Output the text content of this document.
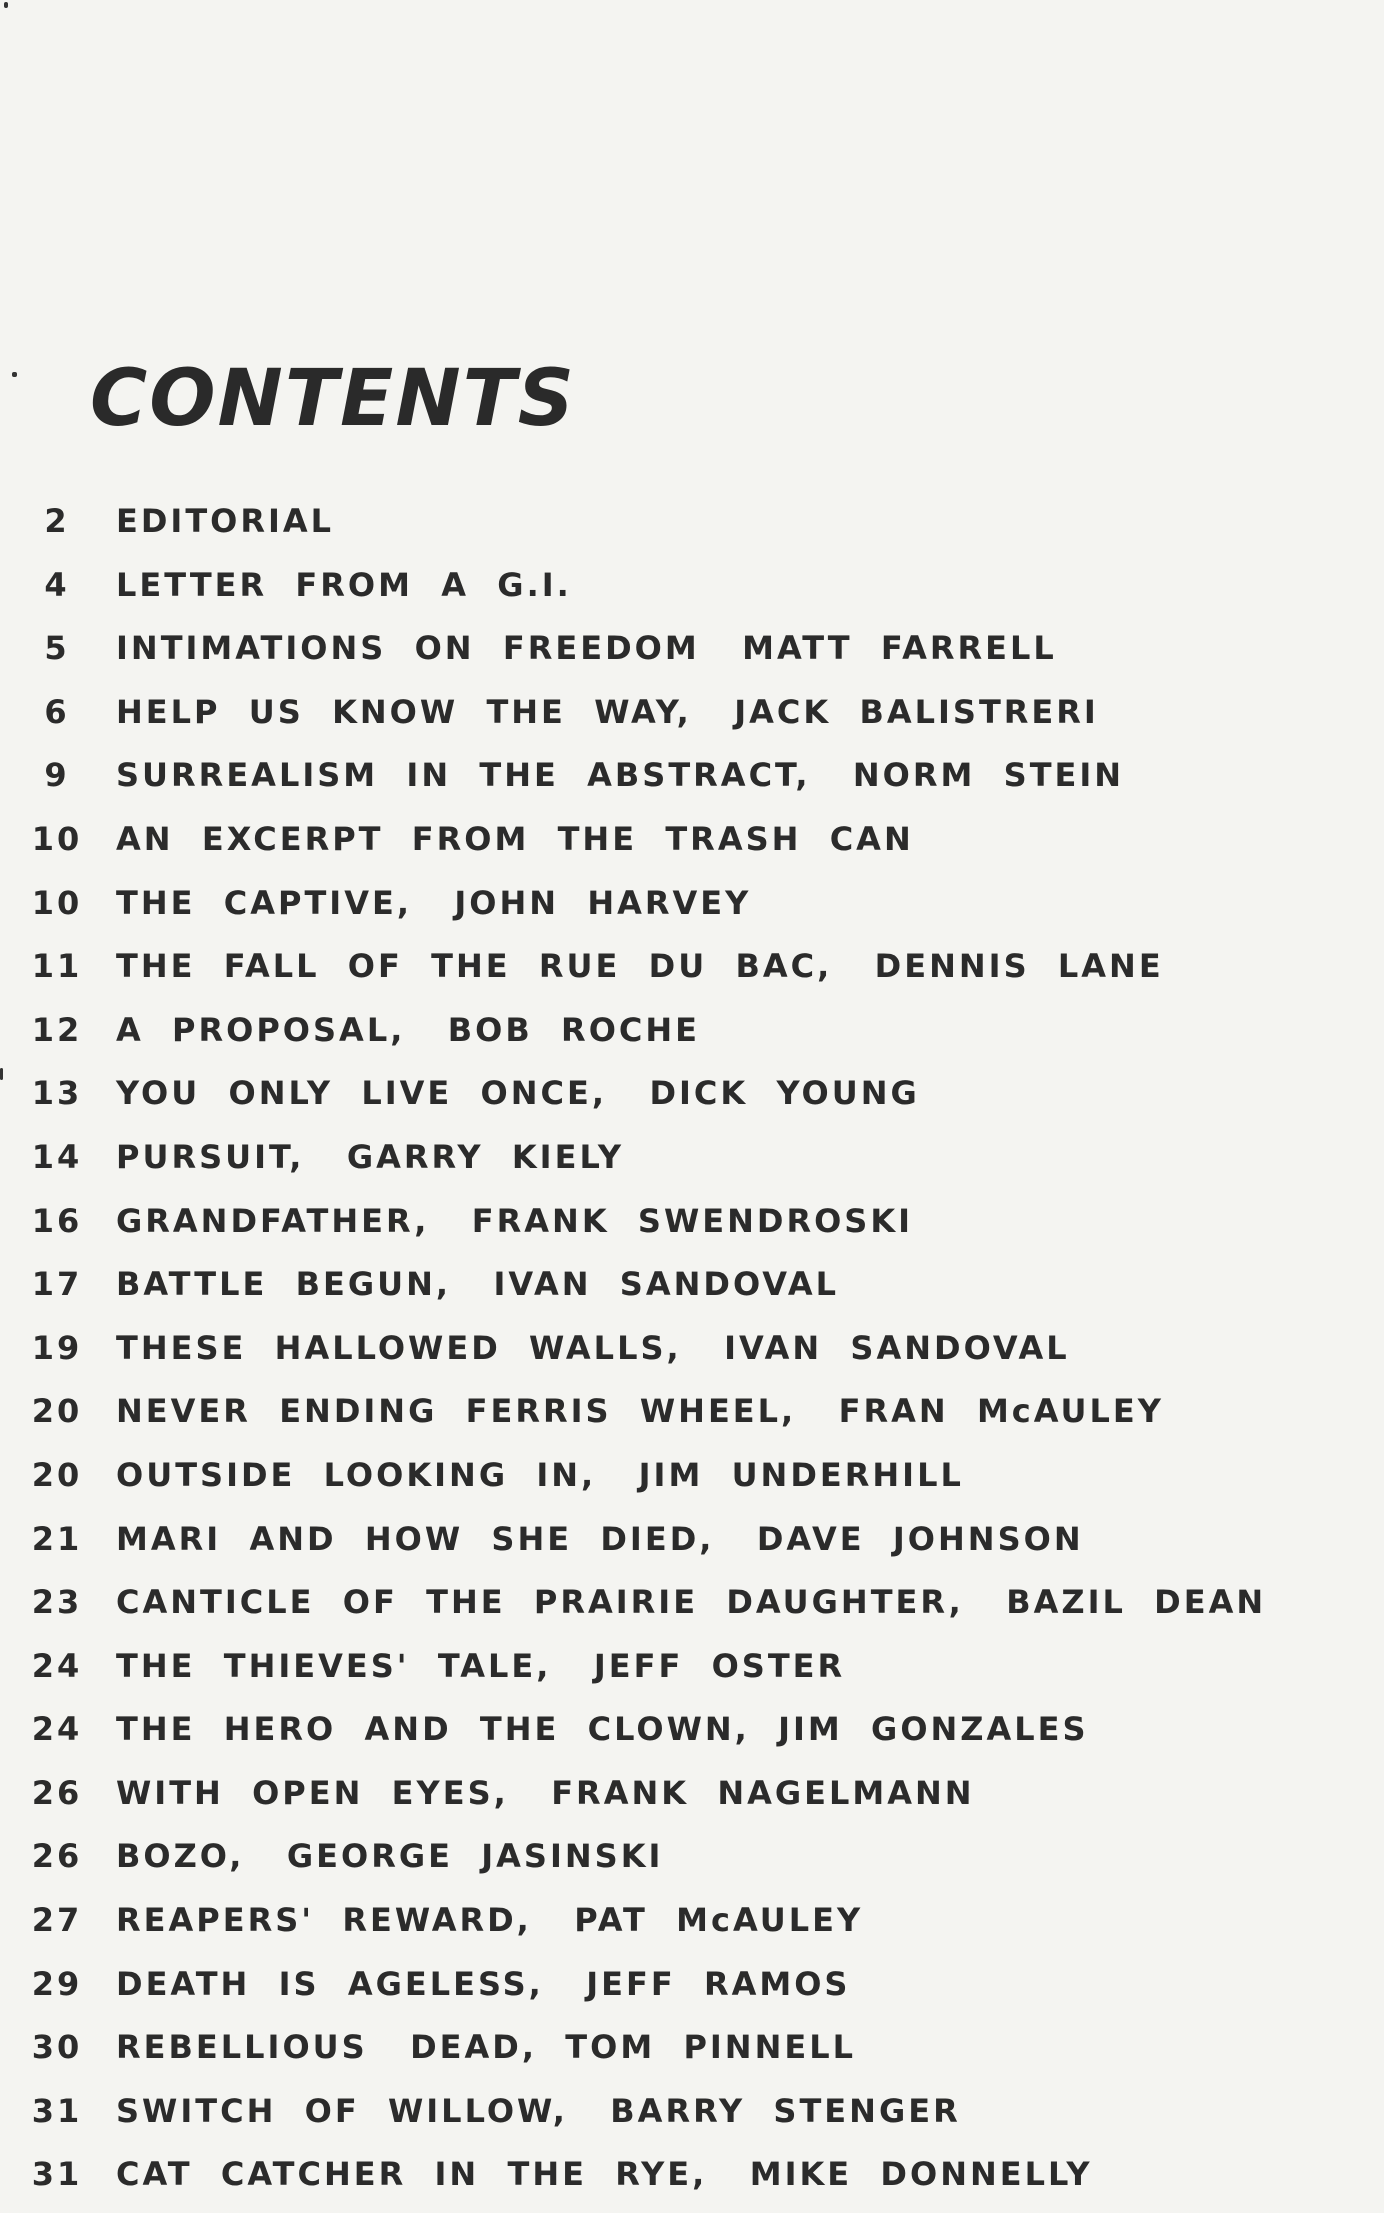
CONTENTS
2	EDITORIAL
4	LETTER  FROM  A  G.I.
5	INTIMATIONS  ON  FREEDOM   MATT  FARRELL
6	HELP  US  KNOW  THE  WAY,   JACK  BALISTRERI
9	SURREALISM  IN  THE  ABSTRACT,   NORM  STEIN
10	AN  EXCERPT  FROM  THE  TRASH  CAN
10	THE  CAPTIVE,   JOHN  HARVEY
11	THE  FALL  OF  THE  RUE  DU  BAC,   DENNIS  LANE
12	A  PROPOSAL,   BOB  ROCHE
13	YOU  ONLY  LIVE  ONCE,   DICK  YOUNG
14	PURSUIT,   GARRY  KIELY
16	GRANDFATHER,   FRANK  SWENDROSKI
17	BATTLE  BEGUN,   IVAN  SANDOVAL
19	THESE  HALLOWED  WALLS,   IVAN  SANDOVAL
20	NEVER  ENDING  FERRIS  WHEEL,   FRAN  McAULEY
20	OUTSIDE  LOOKING  IN,   JIM  UNDERHILL
21	MARI  AND  HOW  SHE  DIED,   DAVE  JOHNSON
23	CANTICLE  OF  THE  PRAIRIE  DAUGHTER,   BAZIL  DEAN
24	THE  THIEVES'  TALE,   JEFF  OSTER
24	THE  HERO  AND  THE  CLOWN,  JIM  GONZALES
26	WITH  OPEN  EYES,   FRANK  NAGELMANN
26	BOZO,   GEORGE  JASINSKI
27	REAPERS'  REWARD,   PAT  McAULEY
29	DEATH  IS  AGELESS,   JEFF  RAMOS
30	REBELLIOUS   DEAD,  TOM  PINNELL
31	SWITCH  OF  WILLOW,   BARRY  STENGER
31	CAT  CATCHER  IN  THE  RYE,   MIKE  DONNELLY
